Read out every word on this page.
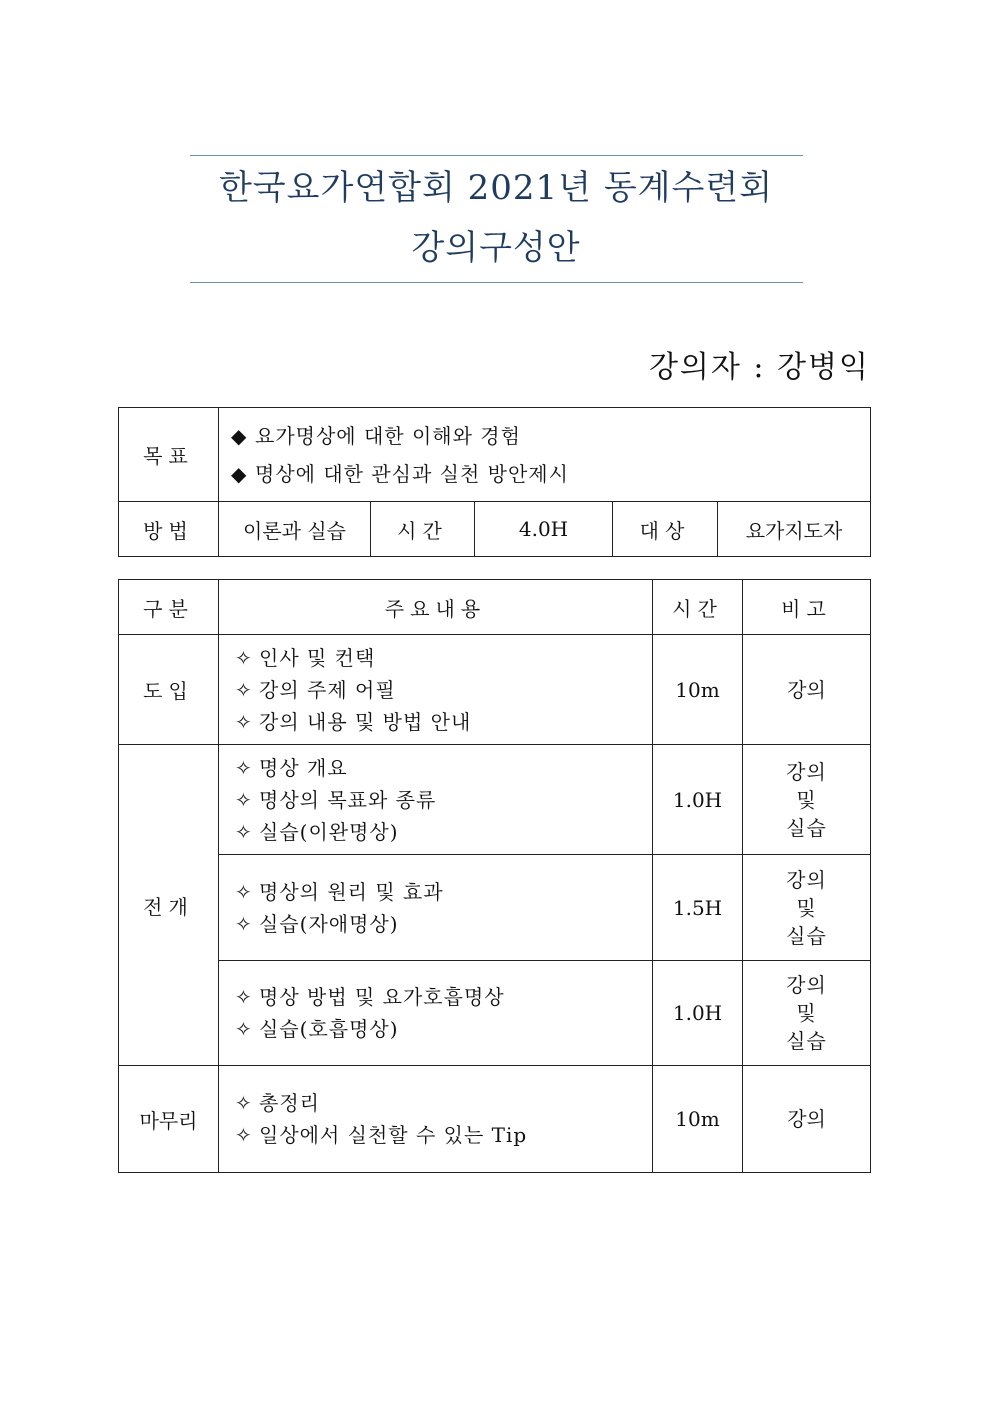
한국요가연합회 2021년 동계수련회
강의구성안
강의자 : 강병익
목표	◆ 요가명상에 대한 이해와 경험
◆ 명상에 대한 관심과 실천 방안제시				

방법	이론과 실습	시간	4.0H	대상	요가지도자
구분	주요내용	시간	비고
도입	✧ 인사 및 컨택
✧ 강의 주제 어필
✧ 강의 내용 및 방법 안내	10m	강의
전개	✧ 명상 개요
✧ 명상의 목표와 종류
✧ 실습(이완명상)	1.0H	강의
및
실습

	✧ 명상의 원리 및 효과
✧ 실습(자애명상)	1.5H	강의
및
실습

	✧ 명상 방법 및 요가호흡명상
✧ 실습(호흡명상)	1.0H	강의
및
실습

마무리	✧ 총정리
✧ 일상에서 실천할 수 있는 Tip	10m	강의
